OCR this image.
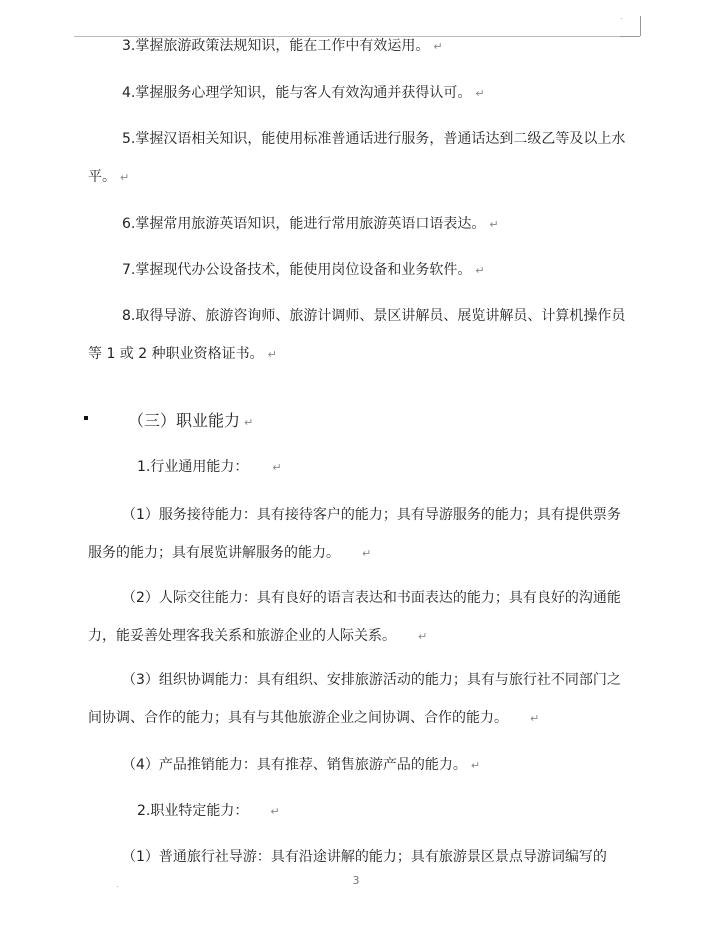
.
.
3.掌握旅游政策法规知识，能在工作中有效运用。 ↵
4.掌握服务心理学知识，能与客人有效沟通并获得认可。 ↵
5.掌握汉语相关知识，能使用标准普通话进行服务，普通话达到二级乙等及以上水平。 ↵
6.掌握常用旅游英语知识，能进行常用旅游英语口语表达。 ↵
7.掌握现代办公设备技术，能使用岗位设备和业务软件。 ↵
8.取得导游、旅游咨询师、旅游计调师、景区讲解员、展览讲解员、计算机操作员等 1 或 2 种职业资格证书。 ↵
（三）职业能力 ↵
1.行业通用能力： ↵
（1）服务接待能力：具有接待客户的能力；具有导游服务的能力；具有提供票务服务的能力；具有展览讲解服务的能力。 ↵
（2）人际交往能力：具有良好的语言表达和书面表达的能力；具有良好的沟通能力，能妥善处理客我关系和旅游企业的人际关系。 ↵
（3）组织协调能力：具有组织、安排旅游活动的能力；具有与旅行社不同部门之间协调、合作的能力；具有与其他旅游企业之间协调、合作的能力。 ↵
（4）产品推销能力：具有推荐、销售旅游产品的能力。 ↵
2.职业特定能力： ↵
（1）普通旅行社导游：具有沿途讲解的能力；具有旅游景区景点导游词编写的
3
